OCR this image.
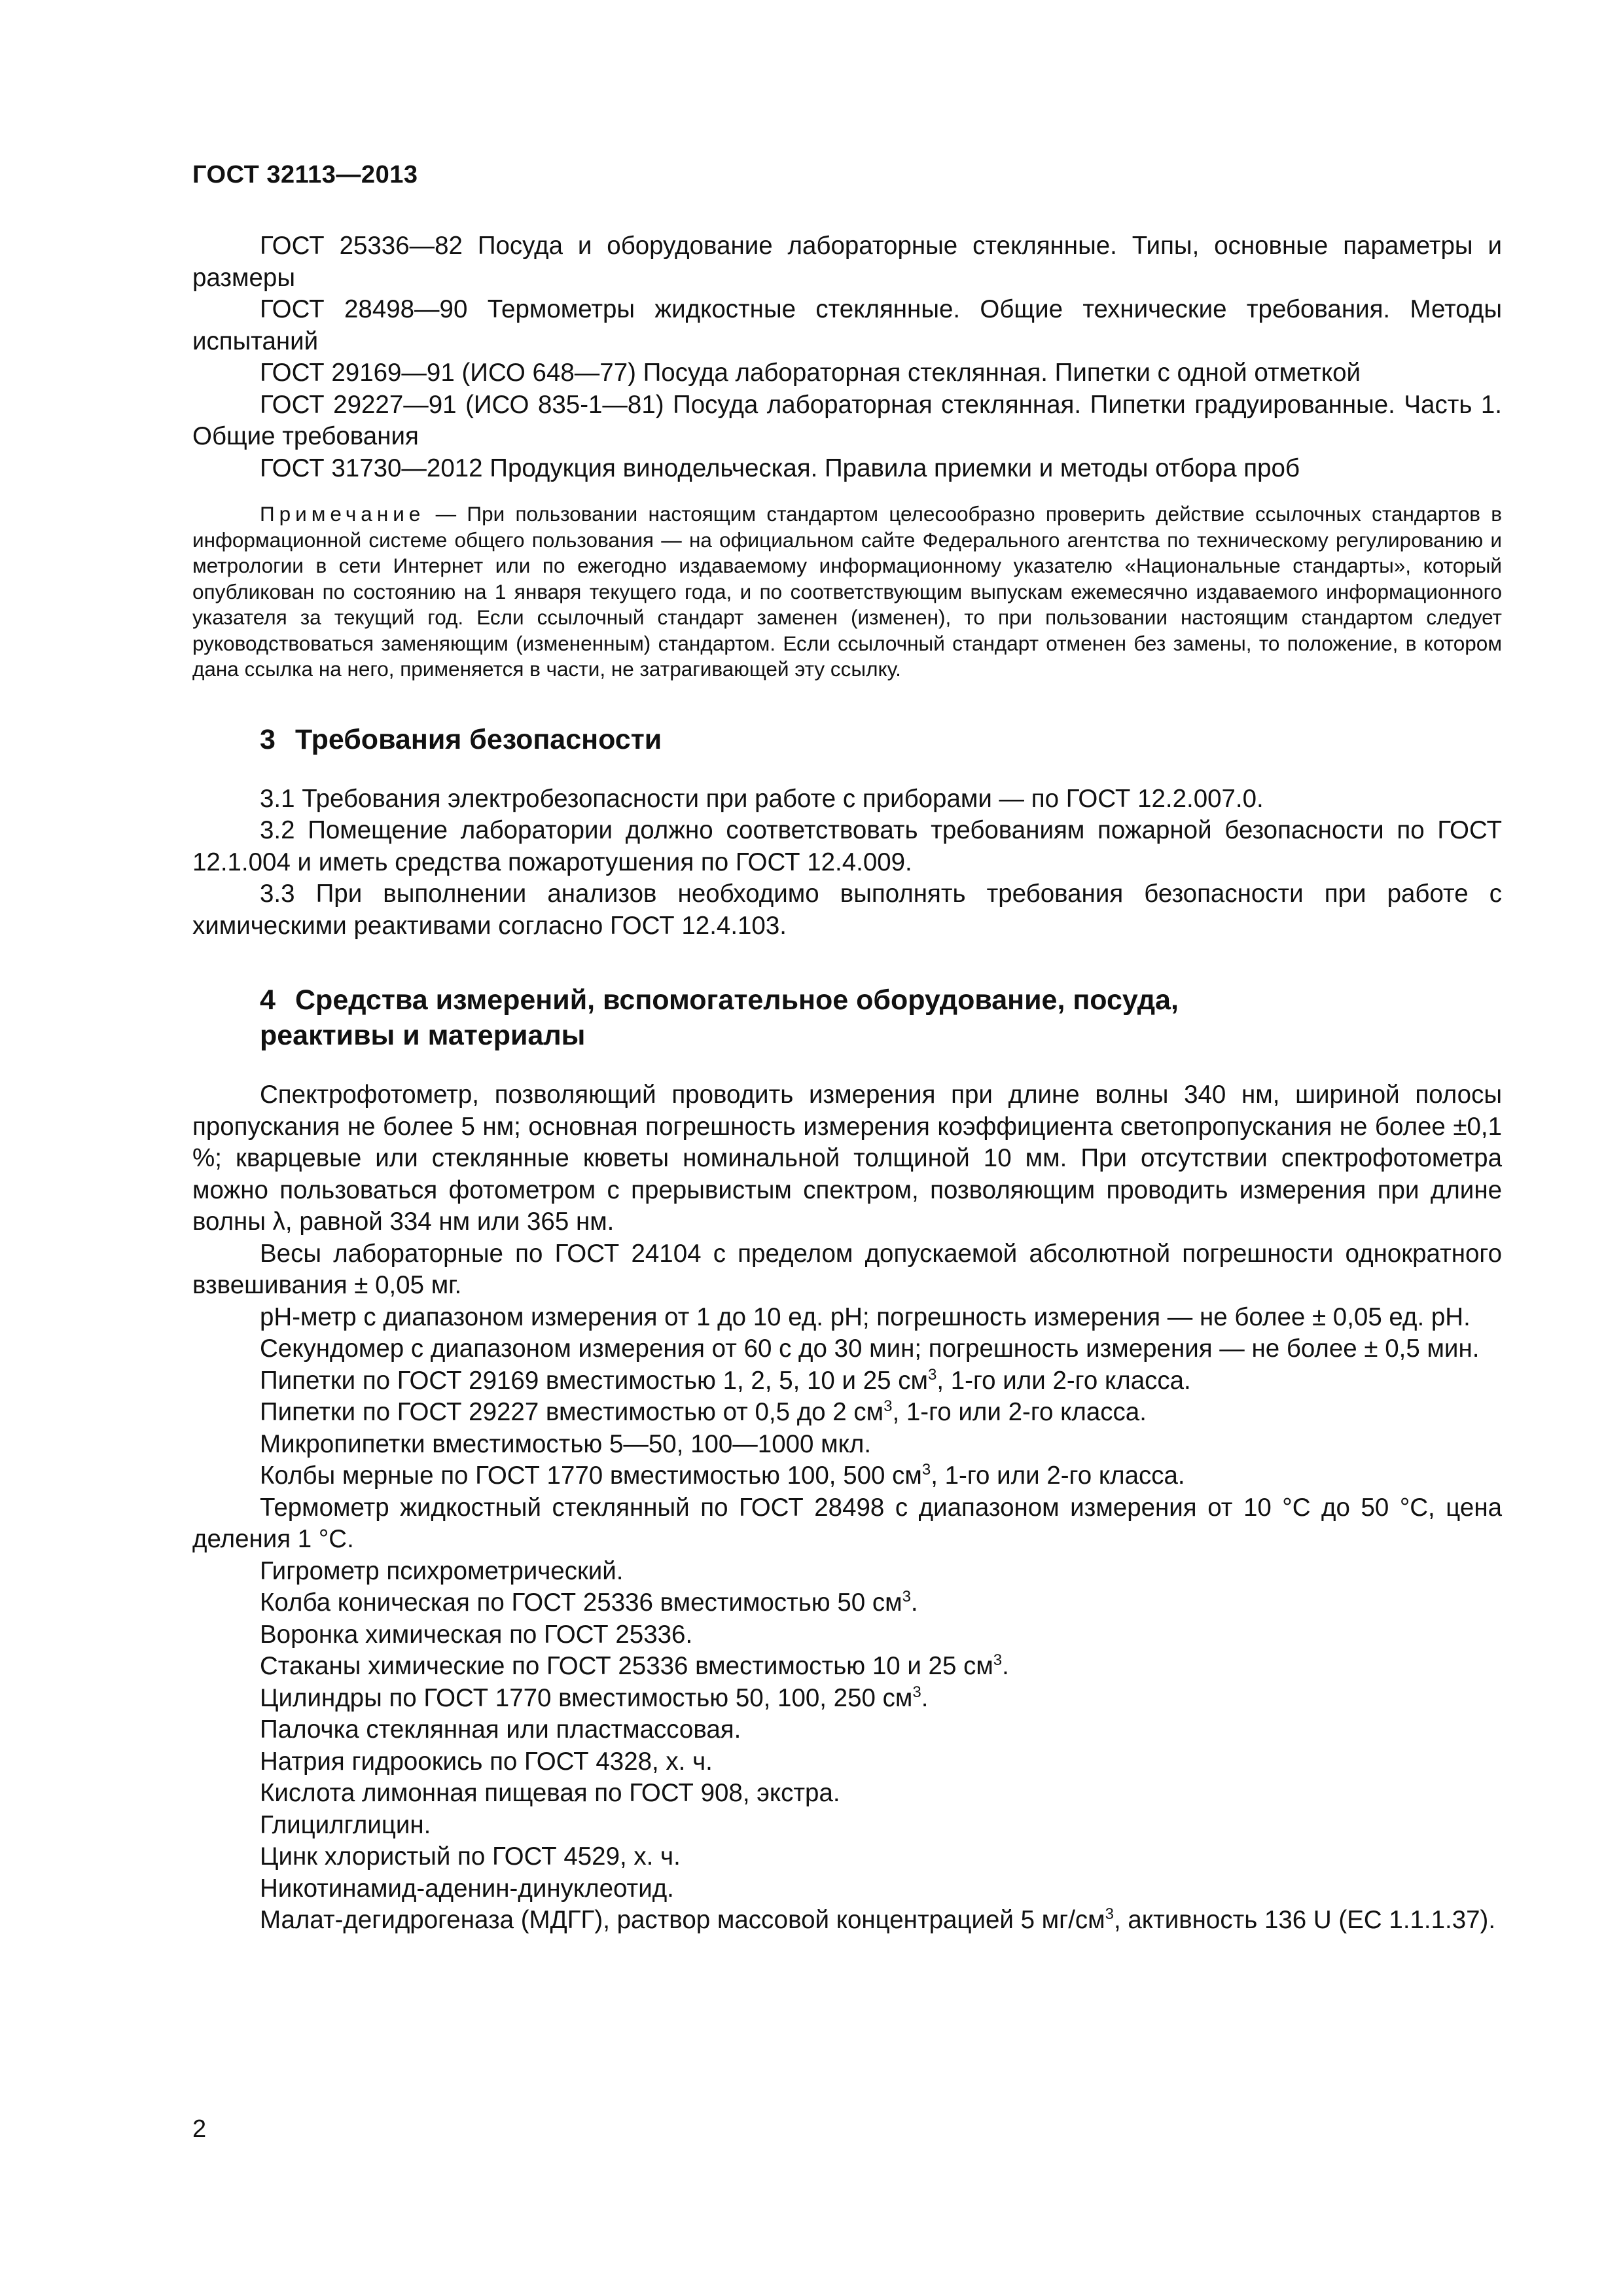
ГОСТ 32113—2013

ГОСТ 25336—82 Посуда и оборудование лабораторные стеклянные. Типы, основные параметры и размеры

ГОСТ 28498—90 Термометры жидкостные стеклянные. Общие технические требования. Методы испытаний

ГОСТ 29169—91 (ИСО 648—77) Посуда лабораторная стеклянная. Пипетки с одной отметкой

ГОСТ 29227—91 (ИСО 835-1—81) Посуда лабораторная стеклянная. Пипетки градуированные. Часть 1. Общие требования

ГОСТ 31730—2012 Продукция винодельческая. Правила приемки и методы отбора проб

Примечание — При пользовании настоящим стандартом целесообразно проверить действие ссылочных стандартов в информационной системе общего пользования — на официальном сайте Федерального агентства по техническому регулированию и метрологии в сети Интернет или по ежегодно издаваемому информационному указателю «Национальные стандарты», который опубликован по состоянию на 1 января текущего года, и по соответствующим выпускам ежемесячно издаваемого информационного указателя за текущий год. Если ссылочный стандарт заменен (изменен), то при пользовании настоящим стандартом следует руководствоваться заменяющим (измененным) стандартом. Если ссылочный стандарт отменен без замены, то положение, в котором дана ссылка на него, применяется в части, не затрагивающей эту ссылку.

3 Требования безопасности

3.1 Требования электробезопасности при работе с приборами — по ГОСТ 12.2.007.0.

3.2 Помещение лаборатории должно соответствовать требованиям пожарной безопасности по ГОСТ 12.1.004 и иметь средства пожаротушения по ГОСТ 12.4.009.

3.3 При выполнении анализов необходимо выполнять требования безопасности при работе с химическими реактивами согласно ГОСТ 12.4.103.

4 Средства измерений, вспомогательное оборудование, посуда,
реактивы и материалы

Спектрофотометр, позволяющий проводить измерения при длине волны 340 нм, шириной полосы пропускания не более 5 нм; основная погрешность измерения коэффициента светопропускания не более ±0,1 %; кварцевые или стеклянные кюветы номинальной толщиной 10 мм. При отсутствии спектрофотометра можно пользоваться фотометром с прерывистым спектром, позволяющим проводить измерения при длине волны λ, равной 334 нм или 365 нм.

Весы лабораторные по ГОСТ 24104 с пределом допускаемой абсолютной погрешности однократного взвешивания ± 0,05 мг.

pH-метр с диапазоном измерения от 1 до 10 ед. pH; погрешность измерения — не более ± 0,05 ед. pH.

Секундомер с диапазоном измерения от 60 с до 30 мин; погрешность измерения — не более ± 0,5 мин.

Пипетки по ГОСТ 29169 вместимостью 1, 2, 5, 10 и 25 $см^3$, 1-го или 2-го класса.

Пипетки по ГОСТ 29227 вместимостью от 0,5 до 2 $см^3$, 1-го или 2-го класса.

Микропипетки вместимостью 5—50, 100—1000 мкл.

Колбы мерные по ГОСТ 1770 вместимостью 100, 500 $см^3$, 1-го или 2-го класса.

Термометр жидкостный стеклянный по ГОСТ 28498 с диапазоном измерения от 10 °С до 50 °С, цена деления 1 °С.

Гигрометр психрометрический.

Колба коническая по ГОСТ 25336 вместимостью 50 $см^3$.

Воронка химическая по ГОСТ 25336.

Стаканы химические по ГОСТ 25336 вместимостью 10 и 25 $см^3$.

Цилиндры по ГОСТ 1770 вместимостью 50, 100, 250 $см^3$.

Палочка стеклянная или пластмассовая.

Натрия гидроокись по ГОСТ 4328, х. ч.

Кислота лимонная пищевая по ГОСТ 908, экстра.

Глицилглицин.

Цинк хлористый по ГОСТ 4529, х. ч.

Никотинамид-аденин-динуклеотид.

Малат-дегидрогеназа (МДГГ), раствор массовой концентрацией 5 $мг/см^3$, активность 136 U (ЕС 1.1.1.37).

2
